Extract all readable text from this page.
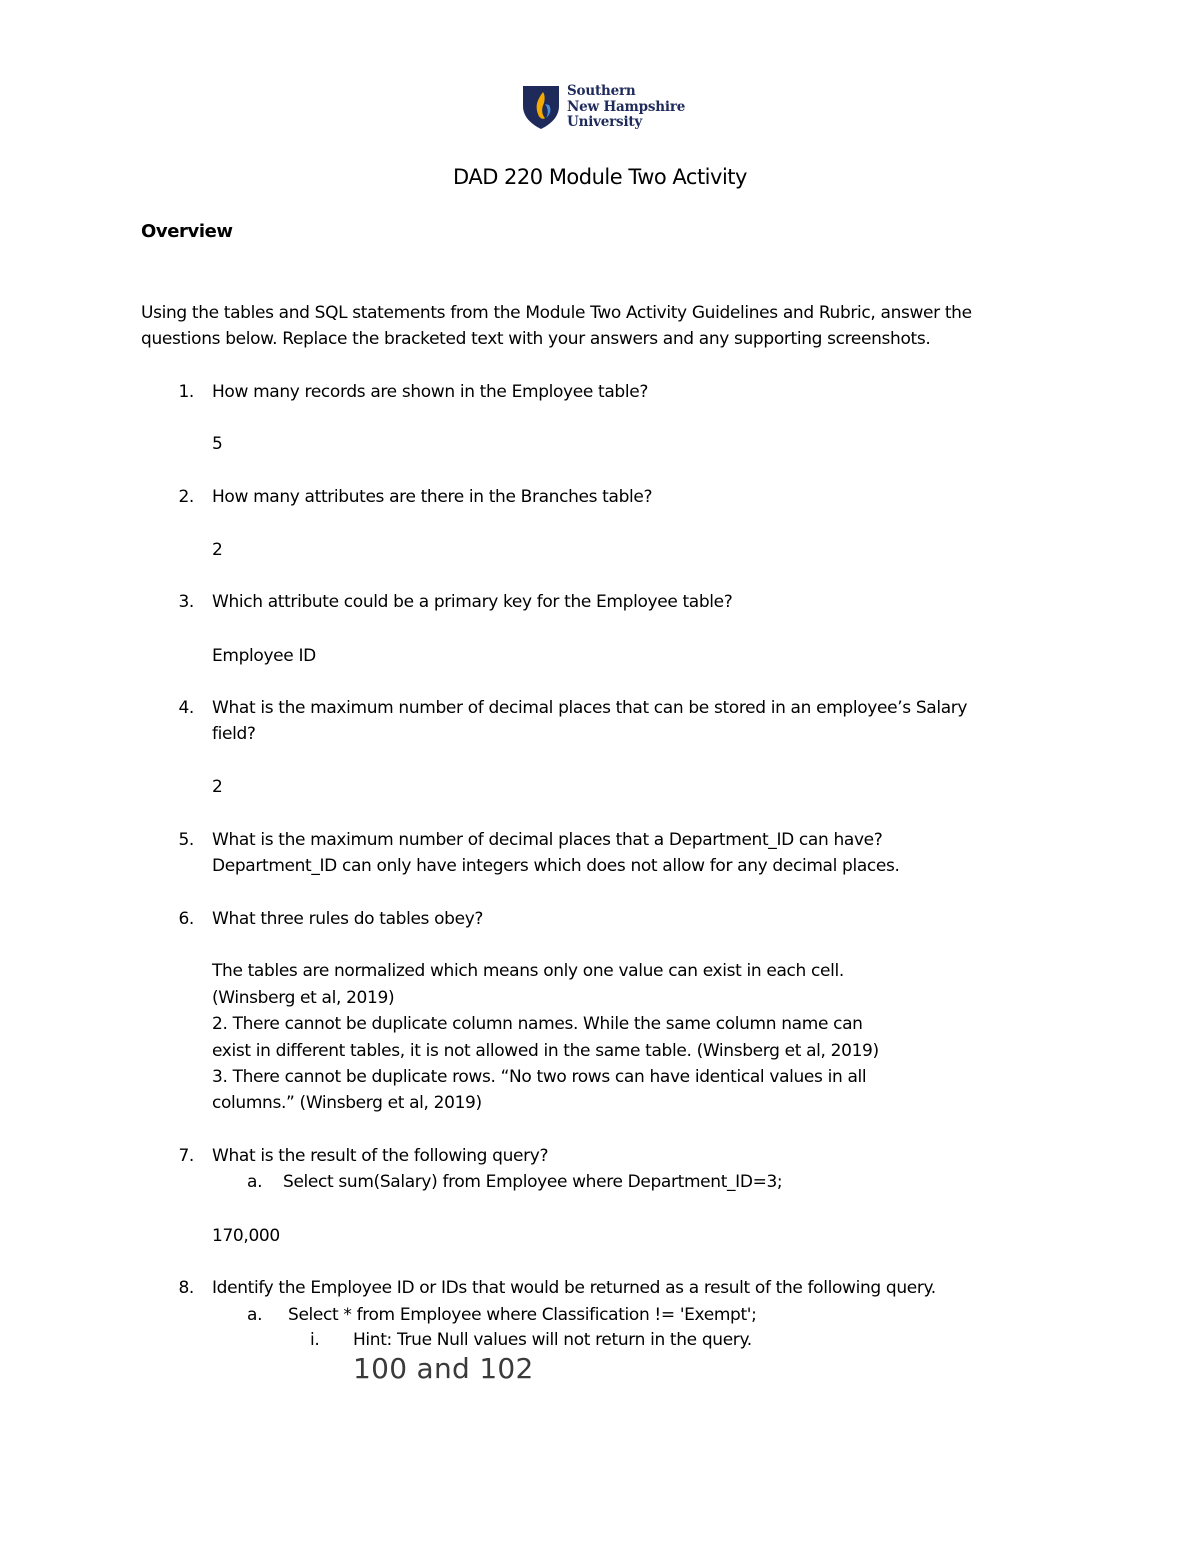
Southern
New Hampshire
University
DAD 220 Module Two Activity
Overview
Using the tables and SQL statements from the Module Two Activity Guidelines and Rubric, answer the
questions below. Replace the bracketed text with your answers and any supporting screenshots.
1. How many records are shown in the Employee table?
5
2. How many attributes are there in the Branches table?
2
3. Which attribute could be a primary key for the Employee table?
Employee ID
4. What is the maximum number of decimal places that can be stored in an employee’s Salary
field?
2
5. What is the maximum number of decimal places that a Department_ID can have?
Department_ID can only have integers which does not allow for any decimal places.
6. What three rules do tables obey?
The tables are normalized which means only one value can exist in each cell.
(Winsberg et al, 2019)
2. There cannot be duplicate column names. While the same column name can
exist in different tables, it is not allowed in the same table. (Winsberg et al, 2019)
3. There cannot be duplicate rows. “No two rows can have identical values in all
columns.” (Winsberg et al, 2019)
7. What is the result of the following query?
a. Select sum(Salary) from Employee where Department_ID=3;
170,000
8. Identify the Employee ID or IDs that would be returned as a result of the following query.
a. Select * from Employee where Classification != 'Exempt';
i. Hint: True Null values will not return in the query.
100 and 102
